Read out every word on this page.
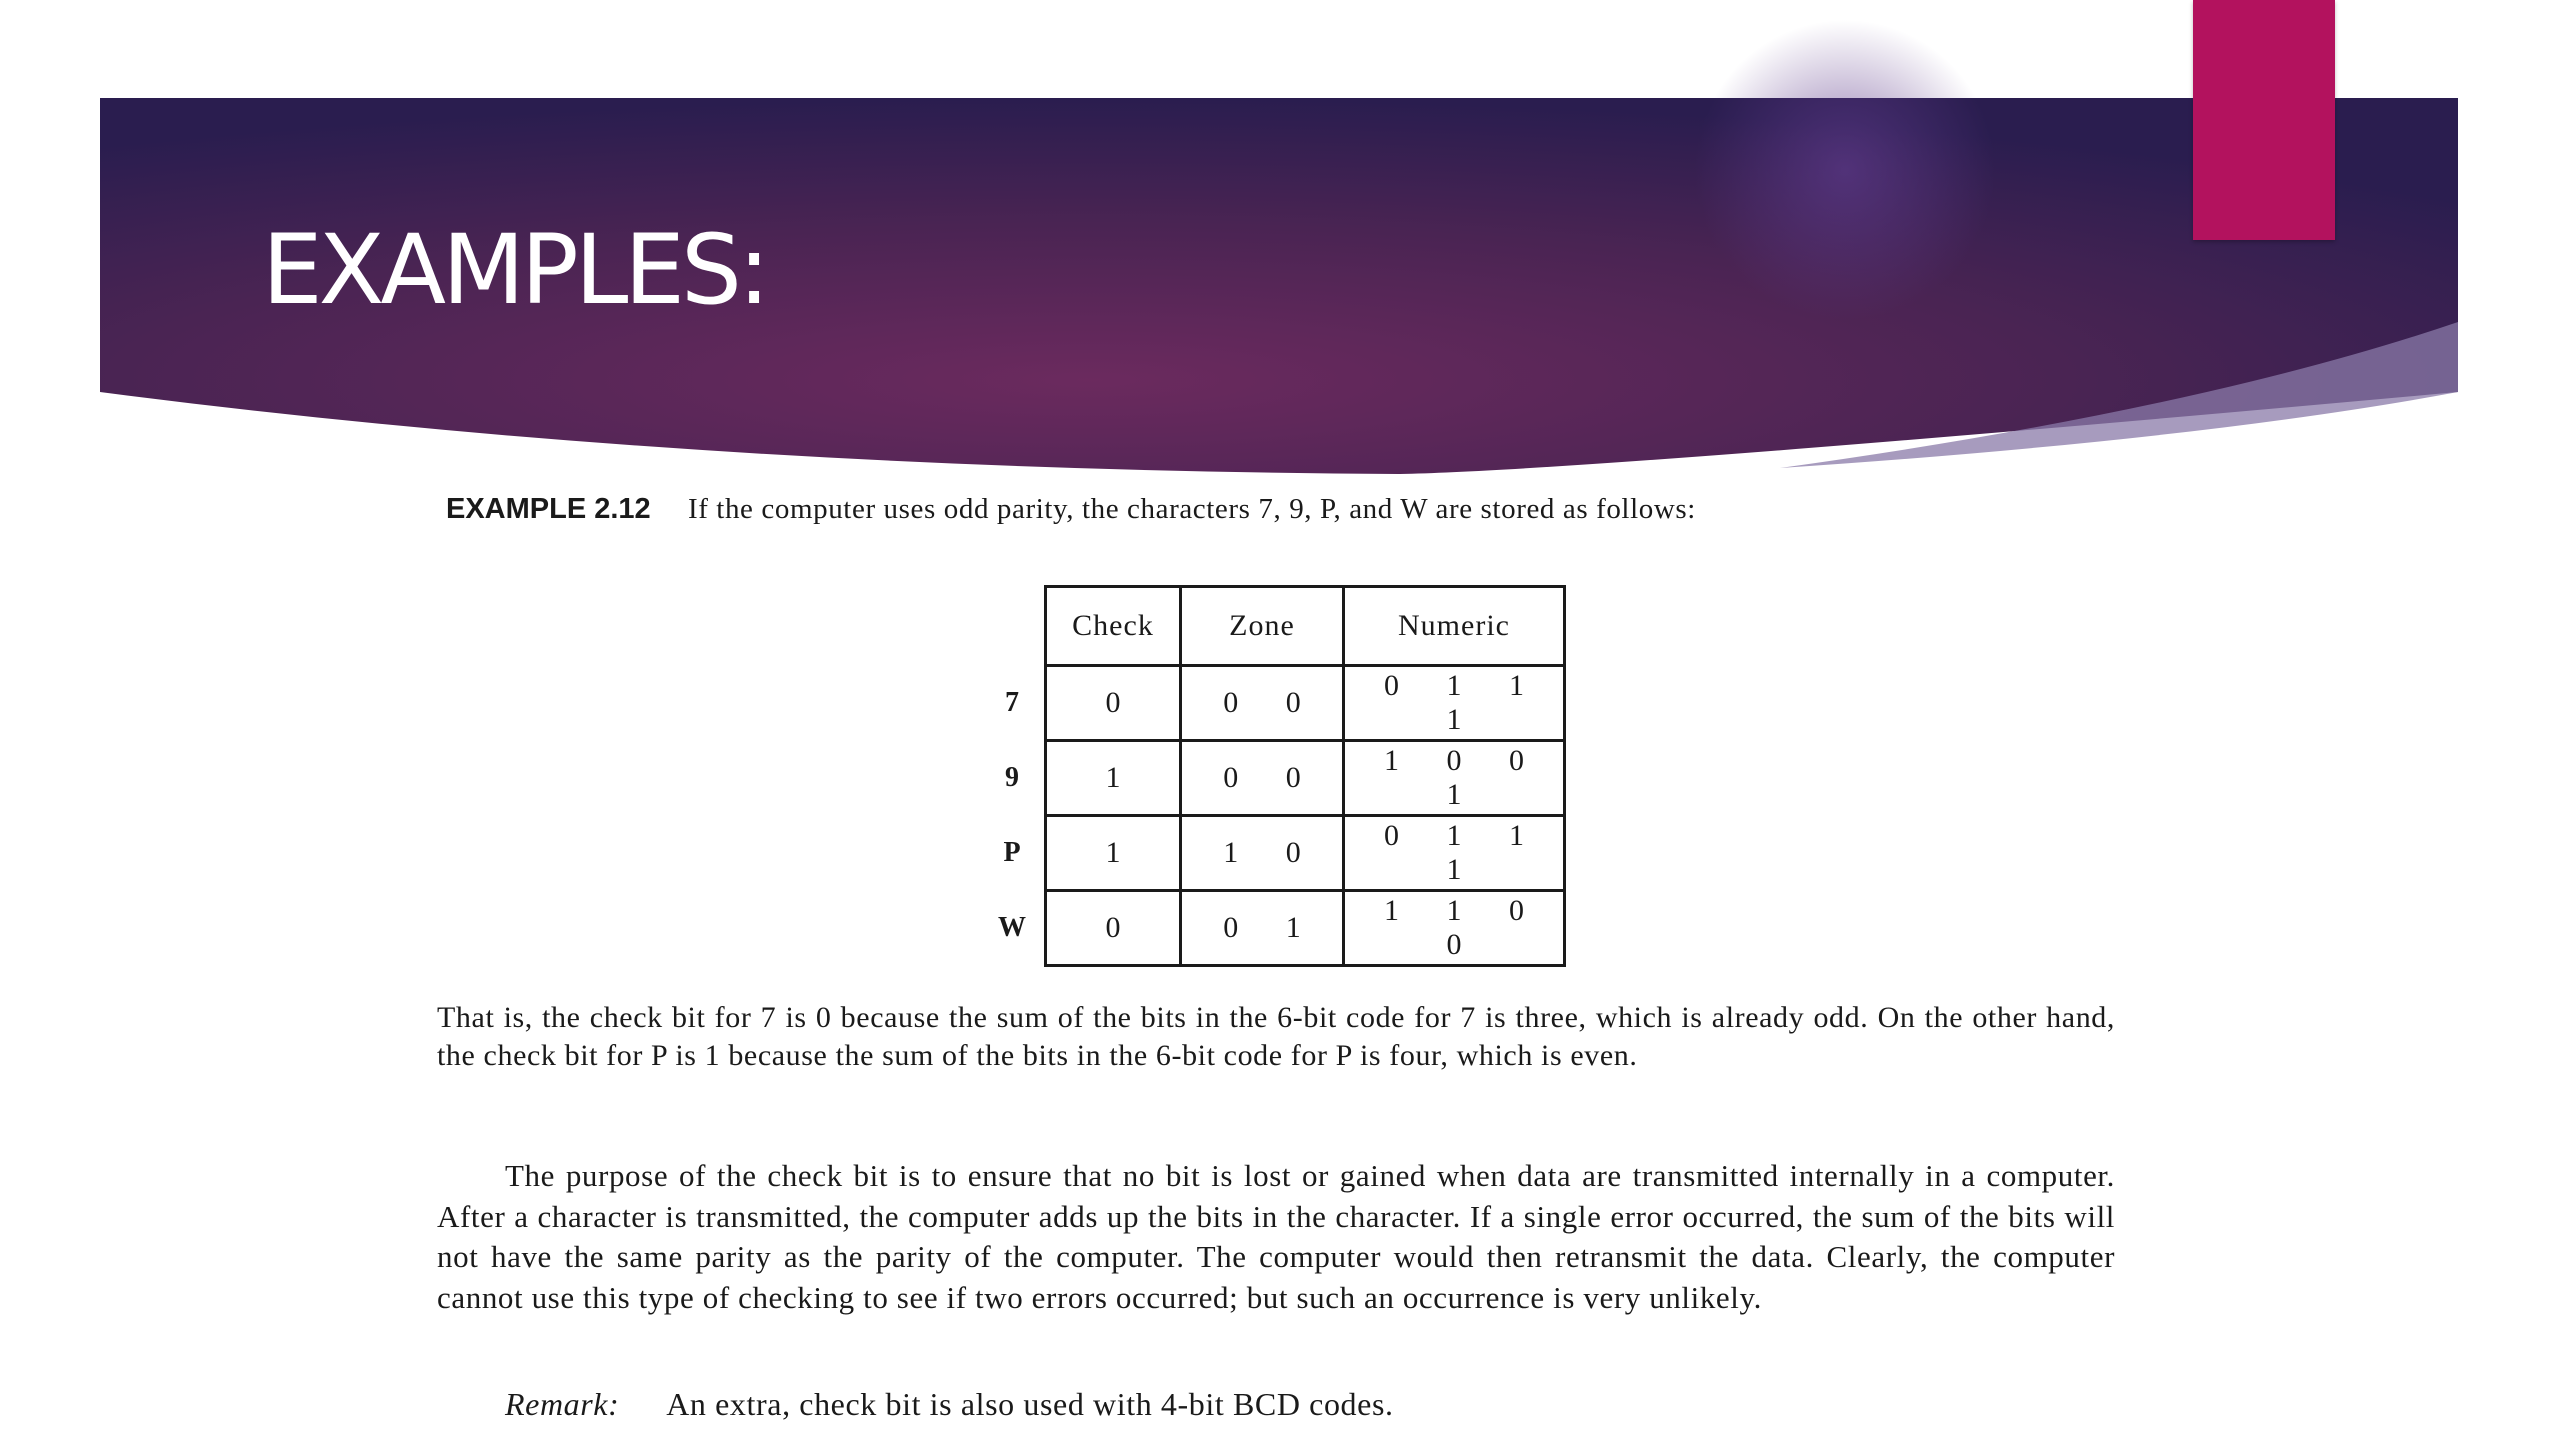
EXAMPLES:
EXAMPLE 2.12 If the computer uses odd parity, the characters 7, 9, P, and W are stored as follows:
	Check	Zone	Numeric
7	0	0 0	0 1 1 1
9	1	0 0	1 0 0 1
P	1	1 0	0 1 1 1
W	0	0 1	1 1 0 0

That is, the check bit for 7 is 0 because the sum of the bits in the 6-bit code for 7 is three, which is already odd. On the other hand, the check bit for P is 1 because the sum of the bits in the 6-bit code for P is four, which is even.

The purpose of the check bit is to ensure that no bit is lost or gained when data are transmitted internally in a computer. After a character is transmitted, the computer adds up the bits in the character. If a single error occurred, the sum of the bits will not have the same parity as the parity of the computer. The computer would then retransmit the data. Clearly, the computer cannot use this type of checking to see if two errors occurred; but such an occurrence is very unlikely.

Remark: An extra, check bit is also used with 4-bit BCD codes.
